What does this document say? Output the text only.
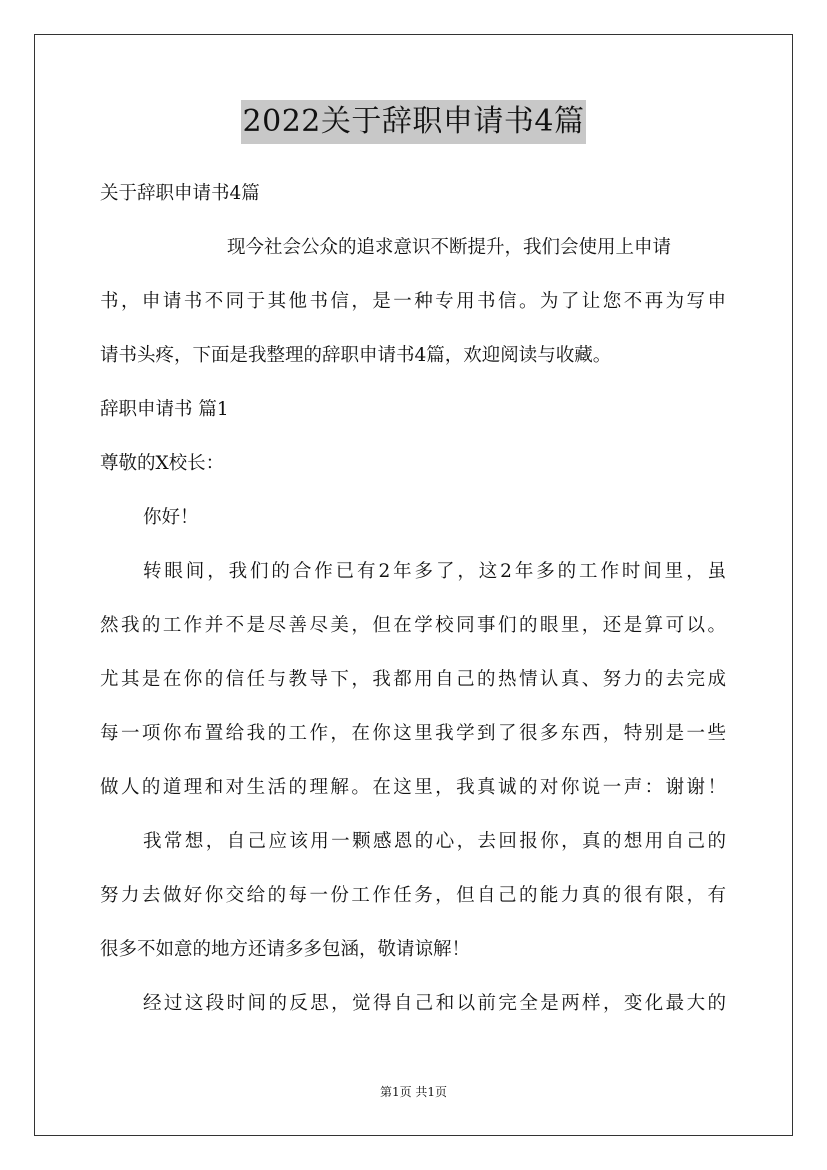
2022关于辞职申请书4篇
关于辞职申请书4篇
现今社会公众的追求意识不断提升，我们会使用上申请
书，申请书不同于其他书信，是一种专用书信。为了让您不再为写申
请书头疼，下面是我整理的辞职申请书4篇，欢迎阅读与收藏。
辞职申请书 篇1
尊敬的X校长：
你好！
转眼间，我们的合作已有2年多了，这2年多的工作时间里，虽
然我的工作并不是尽善尽美，但在学校同事们的眼里，还是算可以。
尤其是在你的信任与教导下，我都用自己的热情认真、努力的去完成
每一项你布置给我的工作，在你这里我学到了很多东西，特别是一些
做人的道理和对生活的理解。在这里，我真诚的对你说一声：谢谢！
我常想，自己应该用一颗感恩的心，去回报你，真的想用自己的
努力去做好你交给的每一份工作任务，但自己的能力真的很有限，有
很多不如意的地方还请多多包涵，敬请谅解！
经过这段时间的反思，觉得自己和以前完全是两样，变化最大的
第1页 共1页
